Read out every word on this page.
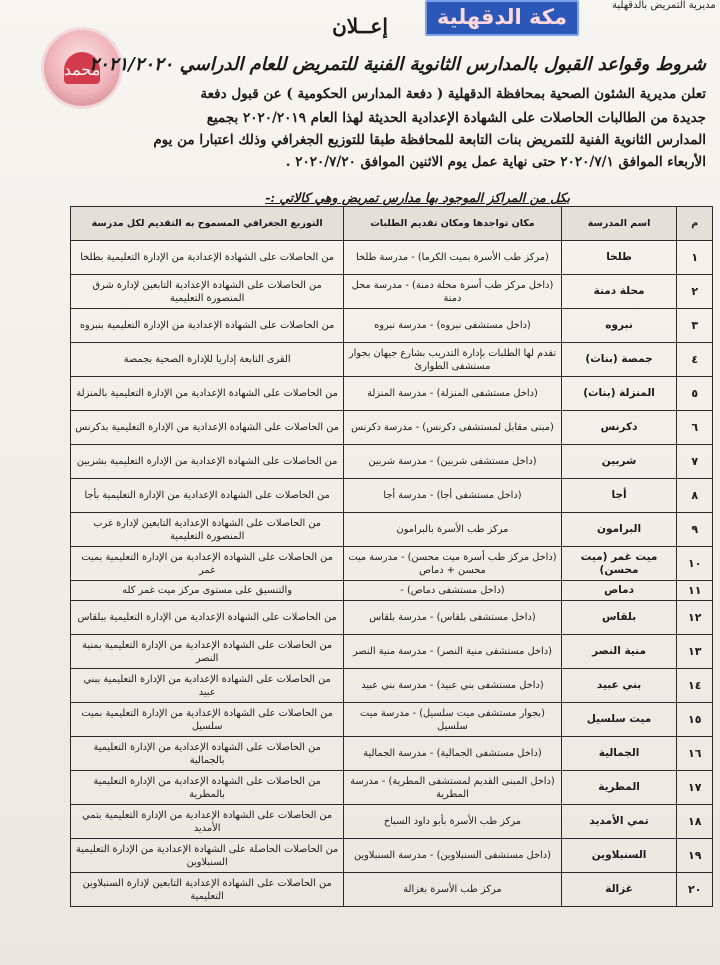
مديرية التمريض بالدقهلية
مكة الدقهلية
محمد
إعــلان
شروط وقواعد القبول بالمدارس الثانوية الفنية للتمريض للعام الدراسي ٢٠٢١/٢٠٢٠
تعلن مديرية الشئون الصحية بمحافظة الدقهلية ( دفعة المدارس الحكومية ) عن قبول دفعة
جديدة من الطالبات الحاصلات على الشهادة الإعدادية الحديثة لهذا العام ٢٠٢٠/٢٠١٩ بجميع
المدارس الثانوية الفنية للتمريض بنات التابعة للمحافظة طبقا للتوزيع الجغرافي وذلك اعتبارا من يوم
الأربعاء الموافق ٢٠٢٠/٧/١ حتى نهاية عمل يوم الاثنين الموافق ٢٠٢٠/٧/٢٠ .
بكل من المراكز الموجود بها مدارس تمريض وهي كالاتي :-
م	اسم المدرسة	مكان تواجدها ومكان تقديم الطلبات	التوزيع الجغرافي المسموح به التقديم لكل مدرسة
١	طلخا	(مركز طب الأسرة بميت الكرما) - مدرسة طلخا	من الحاصلات على الشهادة الإعدادية من الإدارة التعليمية بطلخا
٢	محلة دمنة	(داخل مركز طب أسرة محلة دمنة) - مدرسة محل دمنة	من الحاصلات على الشهادة الإعدادية التابعين لإدارة شرق المنصورة التعليمية
٣	نبروه	(داخل مستشفى نبروه) - مدرسة نبروه	من الحاصلات على الشهادة الإعدادية من الإدارة التعليمية بنبروه
٤	جمصة (بنات)	تقدم لها الطلبات بإدارة التدريب بشارع جيهان بجوار مستشفى الطوارئ	القرى التابعة إداريا للإدارة الصحية بجمصة
٥	المنزلة (بنات)	(داخل مستشفى المنزلة) - مدرسة المنزلة	من الحاصلات على الشهادة الإعدادية من الإدارة التعليمية بالمنزلة
٦	دكرنس	(مبنى مقابل لمستشفى دكرنس) - مدرسة دكرنس	من الحاصلات على الشهادة الإعدادية من الإدارة التعليمية بدكرنس
٧	شربين	(داخل مستشفى شربين) - مدرسة شربين	من الحاصلات على الشهادة الإعدادية من الإدارة التعليمية بشربين
٨	أجا	(داخل مستشفى أجا) - مدرسة أجا	من الحاصلات على الشهادة الإعدادية من الإدارة التعليمية بأجا
٩	البرامون	مركز طب الأسرة بالبرامون	من الحاصلات على الشهادة الإعدادية التابعين لإدارة غرب المنصورة التعليمية
١٠	ميت غمر (ميت محسن)	(داخل مركز طب أسرة ميت محسن) - مدرسة ميت محسن + دماص	من الحاصلات على الشهادة الإعدادية من الإدارة التعليمية بميت غمر
١١	دماص	(داخل مستشفى دماص) -	والتنسيق على مستوى مركز ميت غمر كله
١٢	بلقاس	(داخل مستشفى بلقاس) - مدرسة بلقاس	من الحاصلات على الشهادة الإعدادية من الإدارة التعليمية ببلقاس
١٣	منية النصر	(داخل مستشفى منية النصر) - مدرسة منية النصر	من الحاصلات على الشهادة الإعدادية من الإدارة التعليمية بمنية النصر
١٤	بني عبيد	(داخل مستشفى بني عبيد) - مدرسة بني عبيد	من الحاصلات على الشهادة الإعدادية من الإدارة التعليمية ببني عبيد
١٥	ميت سلسيل	(بجوار مستشفى ميت سلسيل) - مدرسة ميت سلسيل	من الحاصلات على الشهادة الإعدادية من الإدارة التعليمية بميت سلسيل
١٦	الجمالية	(داخل مستشفى الجمالية) - مدرسة الجمالية	من الحاصلات على الشهادة الإعدادية من الإدارة التعليمية بالجمالية
١٧	المطرية	(داخل المبنى القديم لمستشفى المطرية) - مدرسة المطرية	من الحاصلات على الشهادة الإعدادية من الإدارة التعليمية بالمطرية
١٨	تمي الأمديد	مركز طب الأسرة بأبو داود السباخ	من الحاصلات على الشهادة الإعدادية من الإدارة التعليمية بتمي الأمديد
١٩	السنبلاوين	(داخل مستشفى السنبلاوين) - مدرسة السنبلاوين	من الحاصلات الحاصلة على الشهادة الإعدادية من الإدارة التعليمية السنبلاوين
٢٠	غزالة	مركز طب الأسرة بغزالة	من الحاصلات على الشهادة الإعدادية التابعين لإدارة السنبلاوين التعليمية
